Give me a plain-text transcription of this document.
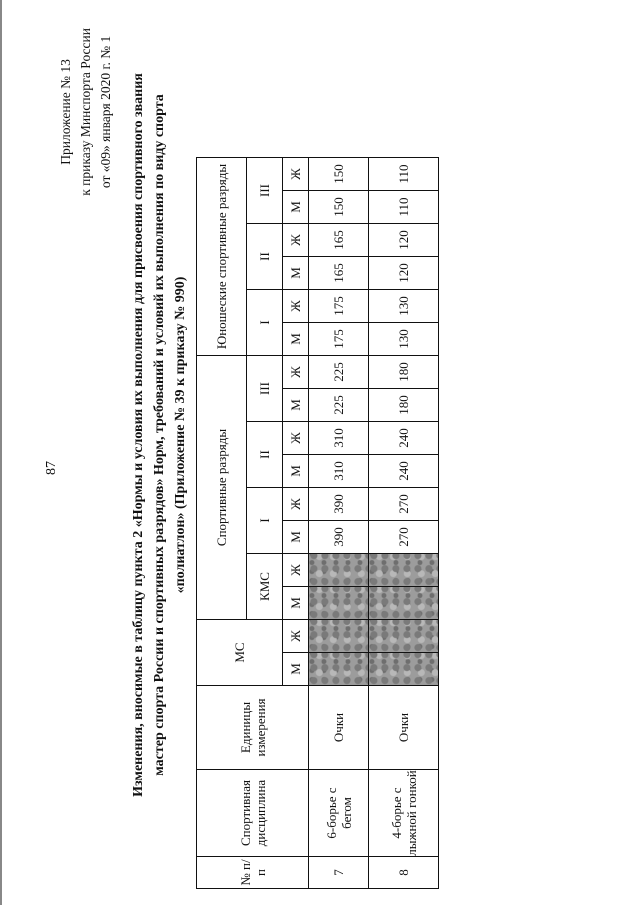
87
Приложение № 13 к приказу Минспорта России от «09» января 2020 г. № 1 Изменения, вносимые в таблицу пункта 2 «Нормы и условия их выполнения для присвоения спортивного звания мастер спорта России и спортивных разрядов» Норм, требований и условий их выполнения по виду спорта «полиатлон» (Приложение № 39 к приказу № 990)
№ п/п	Спортивная дисциплина	Единицы измерения	МС		Спортивные разряды								Юношеские спортивные разряды					
					КМС		I		II		III		I		II		III	
			М	Ж	М	Ж	М	Ж	М	Ж	М	Ж	М	Ж	М	Ж	М	Ж
7	6-борье с бегом	Очки					390	390	310	310	225	225	175	175	165	165	150	150
8	4-борье с лыжной гонкой	Очки					270	270	240	240	180	180	130	130	120	120	110	110
